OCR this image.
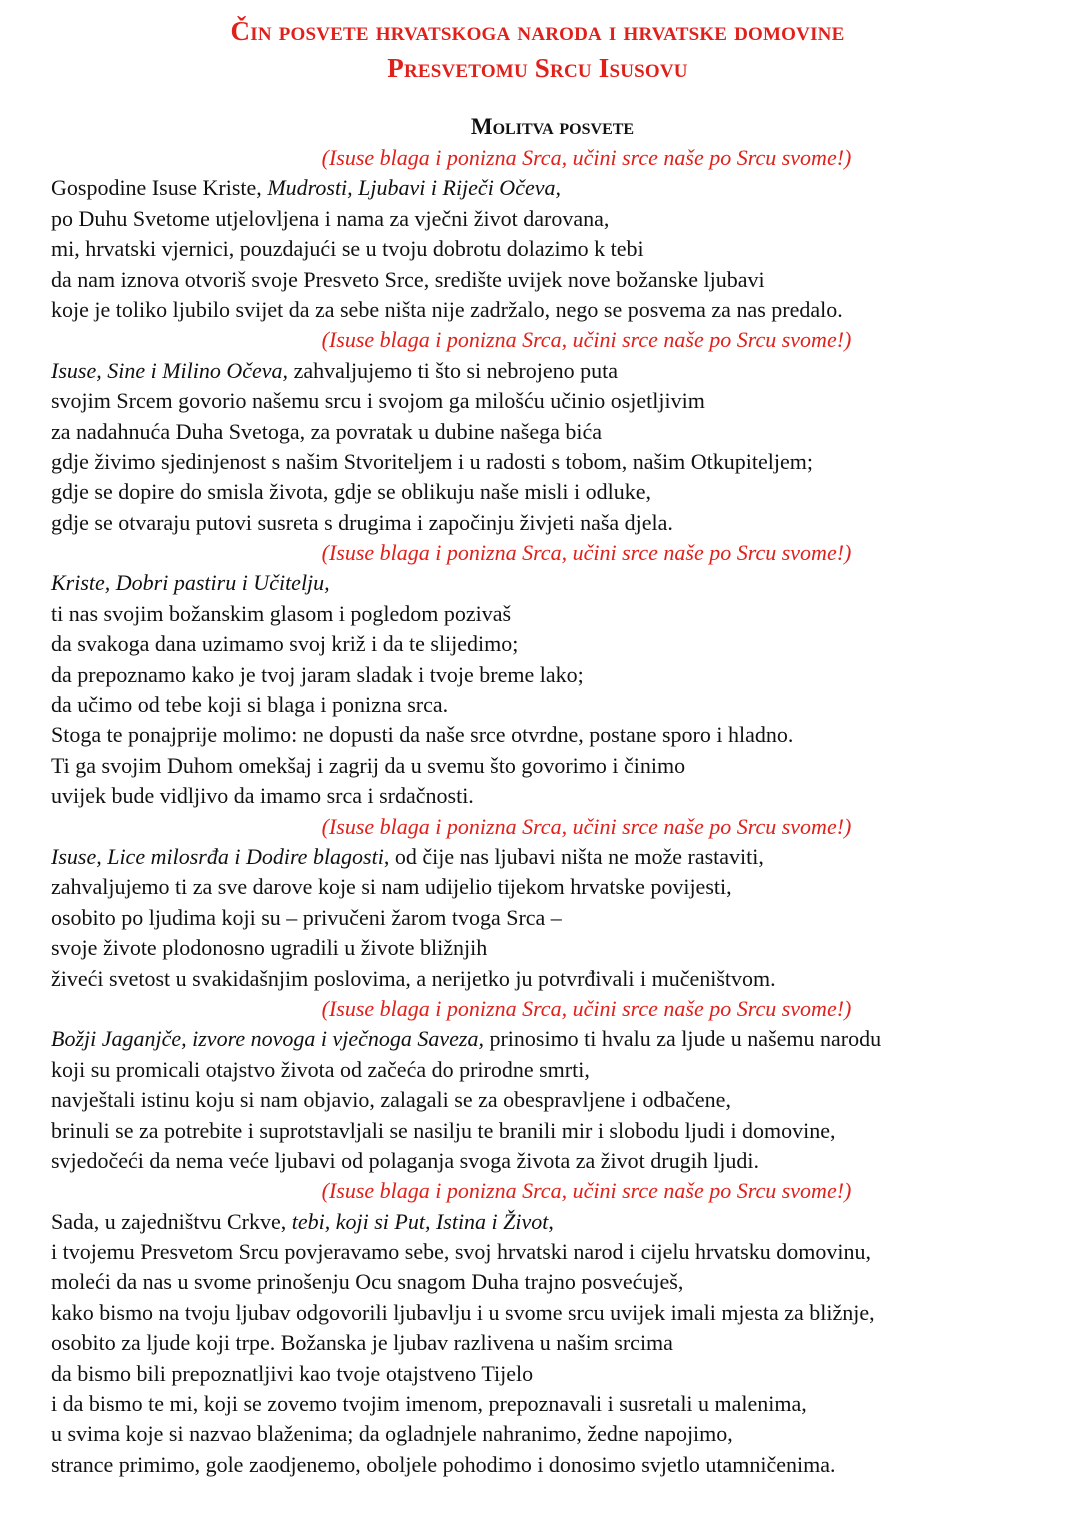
Čin posvete hrvatskoga naroda i hrvatske domovine
Presvetomu Srcu Isusovu
Molitva posvete
(Isuse blaga i ponizna Srca, učini srce naše po Srcu svome!)
Gospodine Isuse Kriste, Mudrosti, Ljubavi i Riječi Očeva,
po Duhu Svetome utjelovljena i nama za vječni život darovana,
mi, hrvatski vjernici, pouzdajući se u tvoju dobrotu dolazimo k tebi
da nam iznova otvoriš svoje Presveto Srce, središte uvijek nove božanske ljubavi
koje je toliko ljubilo svijet da za sebe ništa nije zadržalo, nego se posvema za nas predalo.
(Isuse blaga i ponizna Srca, učini srce naše po Srcu svome!)
Isuse, Sine i Milino Očeva, zahvaljujemo ti što si nebrojeno puta
svojim Srcem govorio našemu srcu i svojom ga milošću učinio osjetljivim
za nadahnuća Duha Svetoga, za povratak u dubine našega bića
gdje živimo sjedinjenost s našim Stvoriteljem i u radosti s tobom, našim Otkupiteljem;
gdje se dopire do smisla života, gdje se oblikuju naše misli i odluke,
gdje se otvaraju putovi susreta s drugima i započinju živjeti naša djela.
(Isuse blaga i ponizna Srca, učini srce naše po Srcu svome!)
Kriste, Dobri pastiru i Učitelju,
ti nas svojim božanskim glasom i pogledom pozivaš
da svakoga dana uzimamo svoj križ i da te slijedimo;
da prepoznamo kako je tvoj jaram sladak i tvoje breme lako;
da učimo od tebe koji si blaga i ponizna srca.
Stoga te ponajprije molimo: ne dopusti da naše srce otvrdne, postane sporo i hladno.
Ti ga svojim Duhom omekšaj i zagrij da u svemu što govorimo i činimo
uvijek bude vidljivo da imamo srca i srdačnosti.
(Isuse blaga i ponizna Srca, učini srce naše po Srcu svome!)
Isuse, Lice milosrđa i Dodire blagosti, od čije nas ljubavi ništa ne može rastaviti,
zahvaljujemo ti za sve darove koje si nam udijelio tijekom hrvatske povijesti,
osobito po ljudima koji su – privučeni žarom tvoga Srca –
svoje živote plodonosno ugradili u živote bližnjih
živeći svetost u svakidašnjim poslovima, a nerijetko ju potvrđivali i mučeništvom.
(Isuse blaga i ponizna Srca, učini srce naše po Srcu svome!)
Božji Jaganjče, izvore novoga i vječnoga Saveza, prinosimo ti hvalu za ljude u našemu narodu
koji su promicali otajstvo života od začeća do prirodne smrti,
navještali istinu koju si nam objavio, zalagali se za obespravljene i odbačene,
brinuli se za potrebite i suprotstavljali se nasilju te branili mir i slobodu ljudi i domovine,
svjedočeći da nema veće ljubavi od polaganja svoga života za život drugih ljudi.
(Isuse blaga i ponizna Srca, učini srce naše po Srcu svome!)
Sada, u zajedništvu Crkve, tebi, koji si Put, Istina i Život,
i tvojemu Presvetom Srcu povjeravamo sebe, svoj hrvatski narod i cijelu hrvatsku domovinu,
moleći da nas u svome prinošenju Ocu snagom Duha trajno posvećuješ,
kako bismo na tvoju ljubav odgovorili ljubavlju i u svome srcu uvijek imali mjesta za bližnje,
osobito za ljude koji trpe. Božanska je ljubav razlivena u našim srcima
da bismo bili prepoznatljivi kao tvoje otajstveno Tijelo
i da bismo te mi, koji se zovemo tvojim imenom, prepoznavali i susretali u malenima,
u svima koje si nazvao blaženima; da ogladnjele nahranimo, žedne napojimo,
strance primimo, gole zaodjenemo, oboljele pohodimo i donosimo svjetlo utamničenima.
